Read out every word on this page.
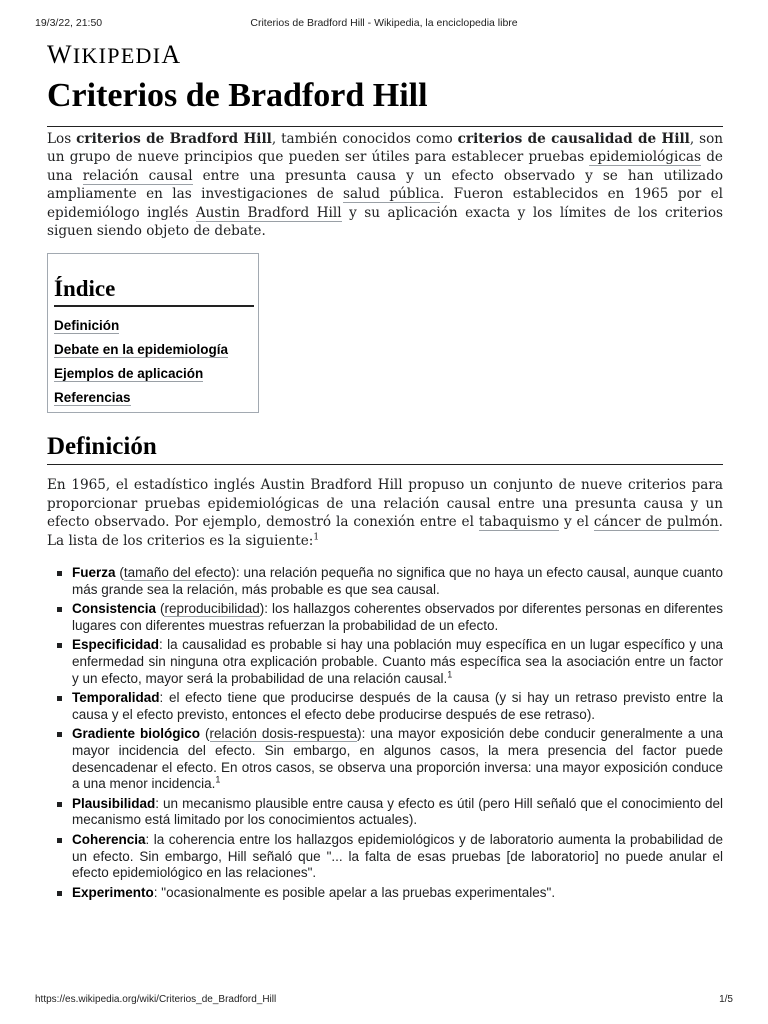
19/3/22, 21:50	Criterios de Bradford Hill - Wikipedia, la enciclopedia libre
WIKIPEDIA
Criterios de Bradford Hill

Los criterios de Bradford Hill, también conocidos como criterios de causalidad de Hill, son un grupo de nueve principios que pueden ser útiles para establecer pruebas epidemiológicas de una relación causal entre una presunta causa y un efecto observado y se han utilizado ampliamente en las investigaciones de salud pública. Fueron establecidos en 1965 por el epidemiólogo inglés Austin Bradford Hill y su aplicación exacta y los límites de los criterios siguen siendo objeto de debate.

Índice
Definición
Debate en la epidemiología
Ejemplos de aplicación
Referencias
Definición

En 1965, el estadístico inglés Austin Bradford Hill propuso un conjunto de nueve criterios para proporcionar pruebas epidemiológicas de una relación causal entre una presunta causa y un efecto observado. Por ejemplo, demostró la conexión entre el tabaquismo y el cáncer de pulmón. La lista de los criterios es la siguiente:$^1$

Fuerza (tamaño del efecto): una relación pequeña no significa que no haya un efecto causal, aunque cuanto más grande sea la relación, más probable es que sea causal.
Consistencia (reproducibilidad): los hallazgos coherentes observados por diferentes personas en diferentes lugares con diferentes muestras refuerzan la probabilidad de un efecto.
Especificidad: la causalidad es probable si hay una población muy específica en un lugar específico y una enfermedad sin ninguna otra explicación probable. Cuanto más específica sea la asociación entre un factor y un efecto, mayor será la probabilidad de una relación causal.$^1$
Temporalidad: el efecto tiene que producirse después de la causa (y si hay un retraso previsto entre la causa y el efecto previsto, entonces el efecto debe producirse después de ese retraso).
Gradiente biológico (relación dosis-respuesta): una mayor exposición debe conducir generalmente a una mayor incidencia del efecto. Sin embargo, en algunos casos, la mera presencia del factor puede desencadenar el efecto. En otros casos, se observa una proporción inversa: una mayor exposición conduce a una menor incidencia.$^1$
Plausibilidad: un mecanismo plausible entre causa y efecto es útil (pero Hill señaló que el conocimiento del mecanismo está limitado por los conocimientos actuales).
Coherencia: la coherencia entre los hallazgos epidemiológicos y de laboratorio aumenta la probabilidad de un efecto. Sin embargo, Hill señaló que "... la falta de esas pruebas [de laboratorio] no puede anular el efecto epidemiológico en las relaciones".
Experimento: "ocasionalmente es posible apelar a las pruebas experimentales".
https://es.wikipedia.org/wiki/Criterios_de_Bradford_Hill	1/5
